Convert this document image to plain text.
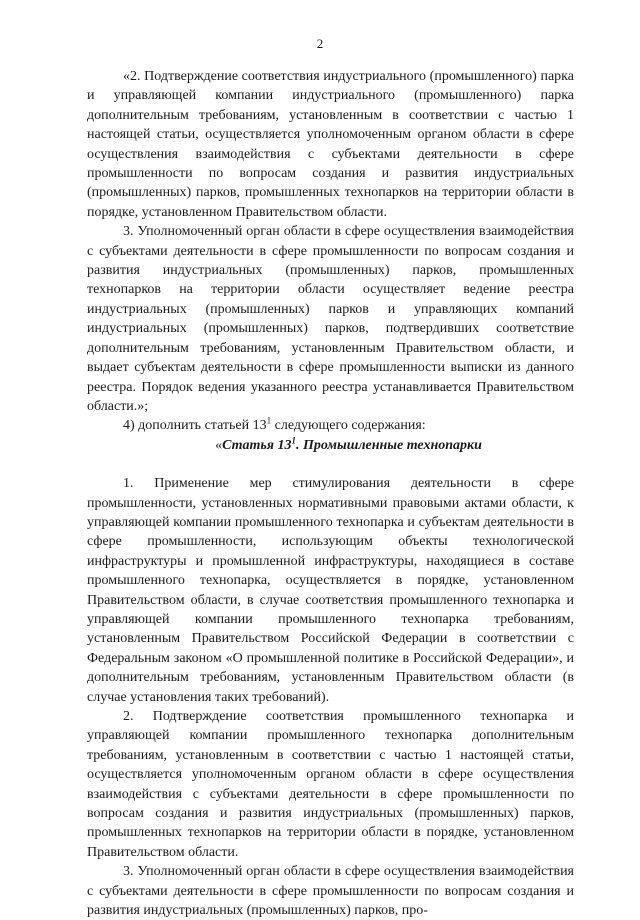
2

«2. Подтверждение соответствия индустриального (промышленного) парка и управляющей компании индустриального (промышленного) парка дополнительным требованиям, установленным в соответствии с частью 1 настоящей статьи, осуществляется уполномоченным органом области в сфере осуществления взаимодействия с субъектами деятельности в сфере промышленности по вопросам создания и развития индустриальных (промышленных) парков, промышленных технопарков на территории области в порядке, установленном Правительством области.

3. Уполномоченный орган области в сфере осуществления взаимодействия с субъектами деятельности в сфере промышленности по вопросам создания и развития индустриальных (промышленных) парков, промышленных технопарков на территории области осуществляет ведение реестра индустриальных (промышленных) парков и управляющих компаний индустриальных (промышленных) парков, подтвердивших соответствие дополнительным требованиям, установленным Правительством области, и выдает субъектам деятельности в сфере промышленности выписки из данного реестра. Порядок ведения указанного реестра устанавливается Правительством области.»;

4) дополнить статьей $13^1$ следующего содержания:

«Статья $13^1$. Промышленные технопарки

1. Применение мер стимулирования деятельности в сфере промышленности, установленных нормативными правовыми актами области, к управляющей компании промышленного технопарка и субъектам деятельности в сфере промышленности, использующим объекты технологической инфраструктуры и промышленной инфраструктуры, находящиеся в составе промышленного технопарка, осуществляется в порядке, установленном Правительством области, в случае соответствия промышленного технопарка и управляющей компании промышленного технопарка требованиям, установленным Правительством Российской Федерации в соответствии с Федеральным законом «О промышленной политике в Российской Федерации», и дополнительным требованиям, установленным Правительством области (в случае установления таких требований).

2. Подтверждение соответствия промышленного технопарка и управляющей компании промышленного технопарка дополнительным требованиям, установленным в соответствии с частью 1 настоящей статьи, осуществляется уполномоченным органом области в сфере осуществления взаимодействия с субъектами деятельности в сфере промышленности по вопросам создания и развития индустриальных (промышленных) парков, промышленных технопарков на территории области в порядке, установленном Правительством области.

3. Уполномоченный орган области в сфере осуществления взаимодействия с субъектами деятельности в сфере промышленности по вопросам создания и развития индустриальных (промышленных) парков, про-
